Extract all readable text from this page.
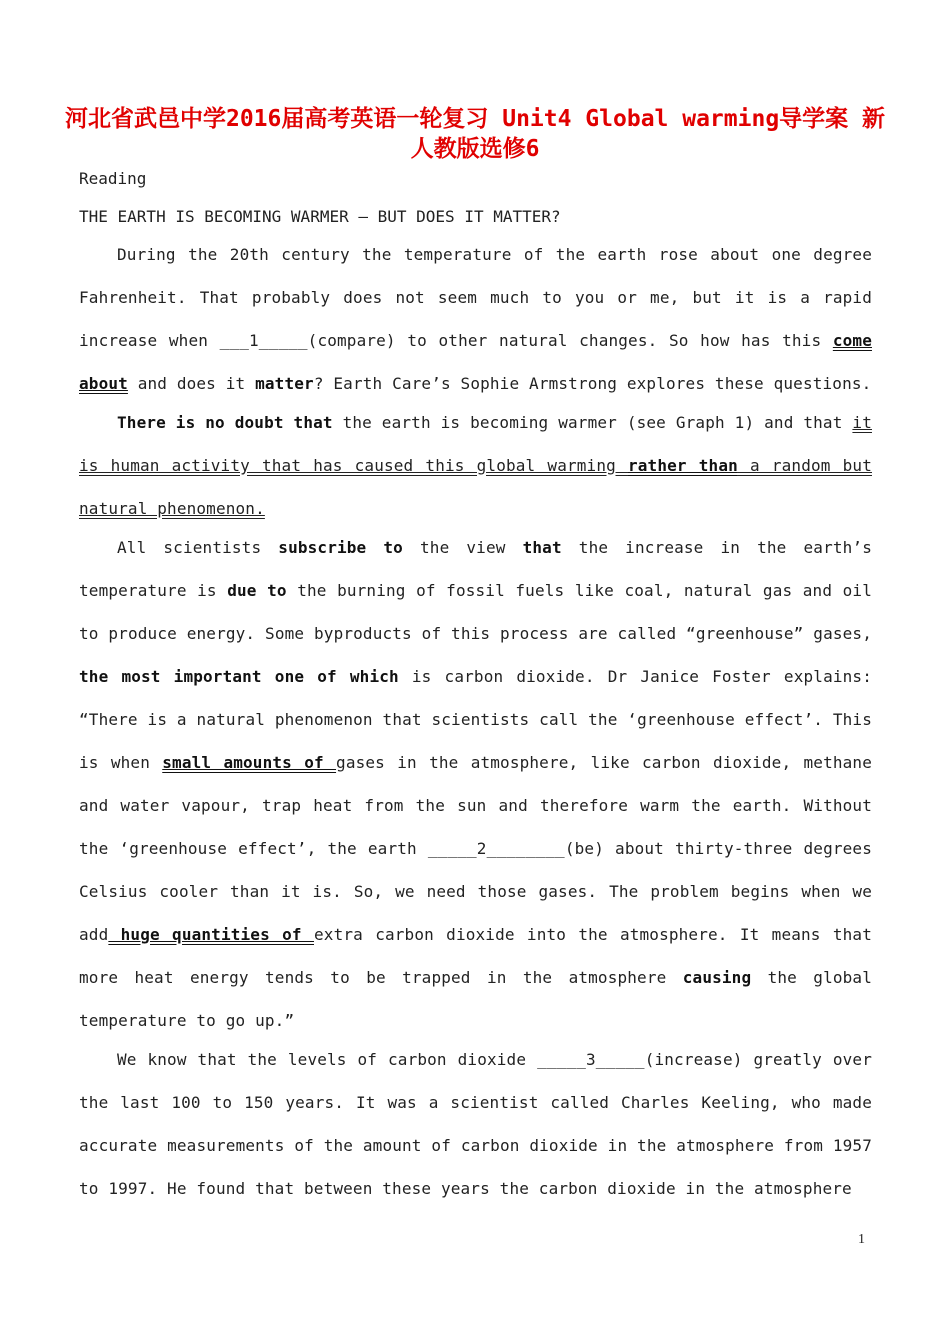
河北省武邑中学2016届高考英语一轮复习 Unit4 Global warming导学案 新人教版选修6
Reading
THE EARTH IS BECOMING WARMER — BUT DOES IT MATTER?

During the 20th century the temperature of the earth rose about one degree Fahrenheit. That probably does not seem much to you or me, but it is a rapid increase when ___1_____(compare) to other natural changes. So how has this come about and does it matter? Earth Care’s Sophie Armstrong explores these questions.

There is no doubt that the earth is becoming warmer (see Graph 1) and that it is human activity that has caused this global warming rather than a random but natural phenomenon.

All scientists subscribe to the view that the increase in the earth’s temperature is due to the burning of fossil fuels like coal, natural gas and oil to produce energy. Some byproducts of this process are called “greenhouse” gases, the most important one of which is carbon dioxide. Dr Janice Foster explains: “There is a natural phenomenon that scientists call the ‘greenhouse effect’. This is when small amounts of gases in the atmosphere, like carbon dioxide, methane and water vapour, trap heat from the sun and therefore warm the earth. Without the ‘greenhouse effect’, the earth _____2________(be) about thirty-three degrees Celsius cooler than it is. So, we need those gases. The problem begins when we add huge quantities of extra carbon dioxide into the atmosphere. It means that more heat energy tends to be trapped in the atmosphere causing the global temperature to go up.”

We know that the levels of carbon dioxide _____3_____(increase) greatly over the last 100 to 150 years. It was a scientist called Charles Keeling, who made accurate measurements of the amount of carbon dioxide in the atmosphere from 1957 to 1997. He found that between these years the carbon dioxide in the atmosphere

1
